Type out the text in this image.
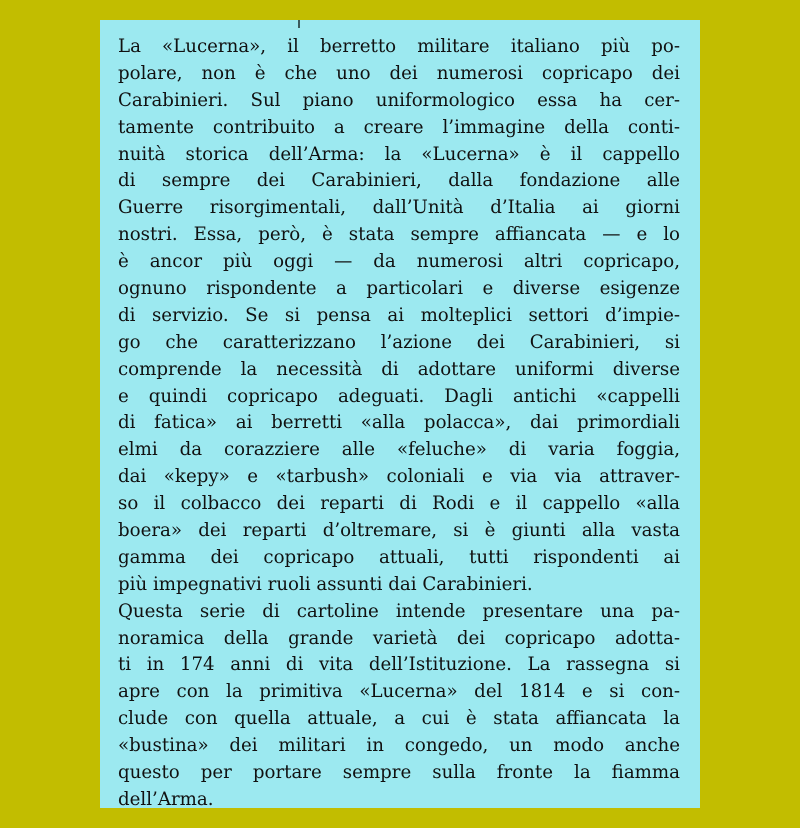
La «Lucerna», il berretto militare italiano più po-
polare, non è che uno dei numerosi copricapo dei
Carabinieri. Sul piano uniformologico essa ha cer-
tamente contribuito a creare l’immagine della conti-
nuità storica dell’Arma: la «Lucerna» è il cappello
di sempre dei Carabinieri, dalla fondazione alle
Guerre risorgimentali, dall’Unità d’Italia ai giorni
nostri. Essa, però, è stata sempre affiancata — e lo
è ancor più oggi — da numerosi altri copricapo,
ognuno rispondente a particolari e diverse esigenze
di servizio. Se si pensa ai molteplici settori d’impie-
go che caratterizzano l’azione dei Carabinieri, si
comprende la necessità di adottare uniformi diverse
e quindi copricapo adeguati. Dagli antichi «cappelli
di fatica» ai berretti «alla polacca», dai primordiali
elmi da corazziere alle «feluche» di varia foggia,
dai «kepy» e «tarbush» coloniali e via via attraver-
so il colbacco dei reparti di Rodi e il cappello «alla
boera» dei reparti d’oltremare, si è giunti alla vasta
gamma dei copricapo attuali, tutti rispondenti ai
più impegnativi ruoli assunti dai Carabinieri.
Questa serie di cartoline intende presentare una pa-
noramica della grande varietà dei copricapo adotta-
ti in 174 anni di vita dell’Istituzione. La rassegna si
apre con la primitiva «Lucerna» del 1814 e si con-
clude con quella attuale, a cui è stata affiancata la
«bustina» dei militari in congedo, un modo anche
questo per portare sempre sulla fronte la fiamma
dell’Arma.
